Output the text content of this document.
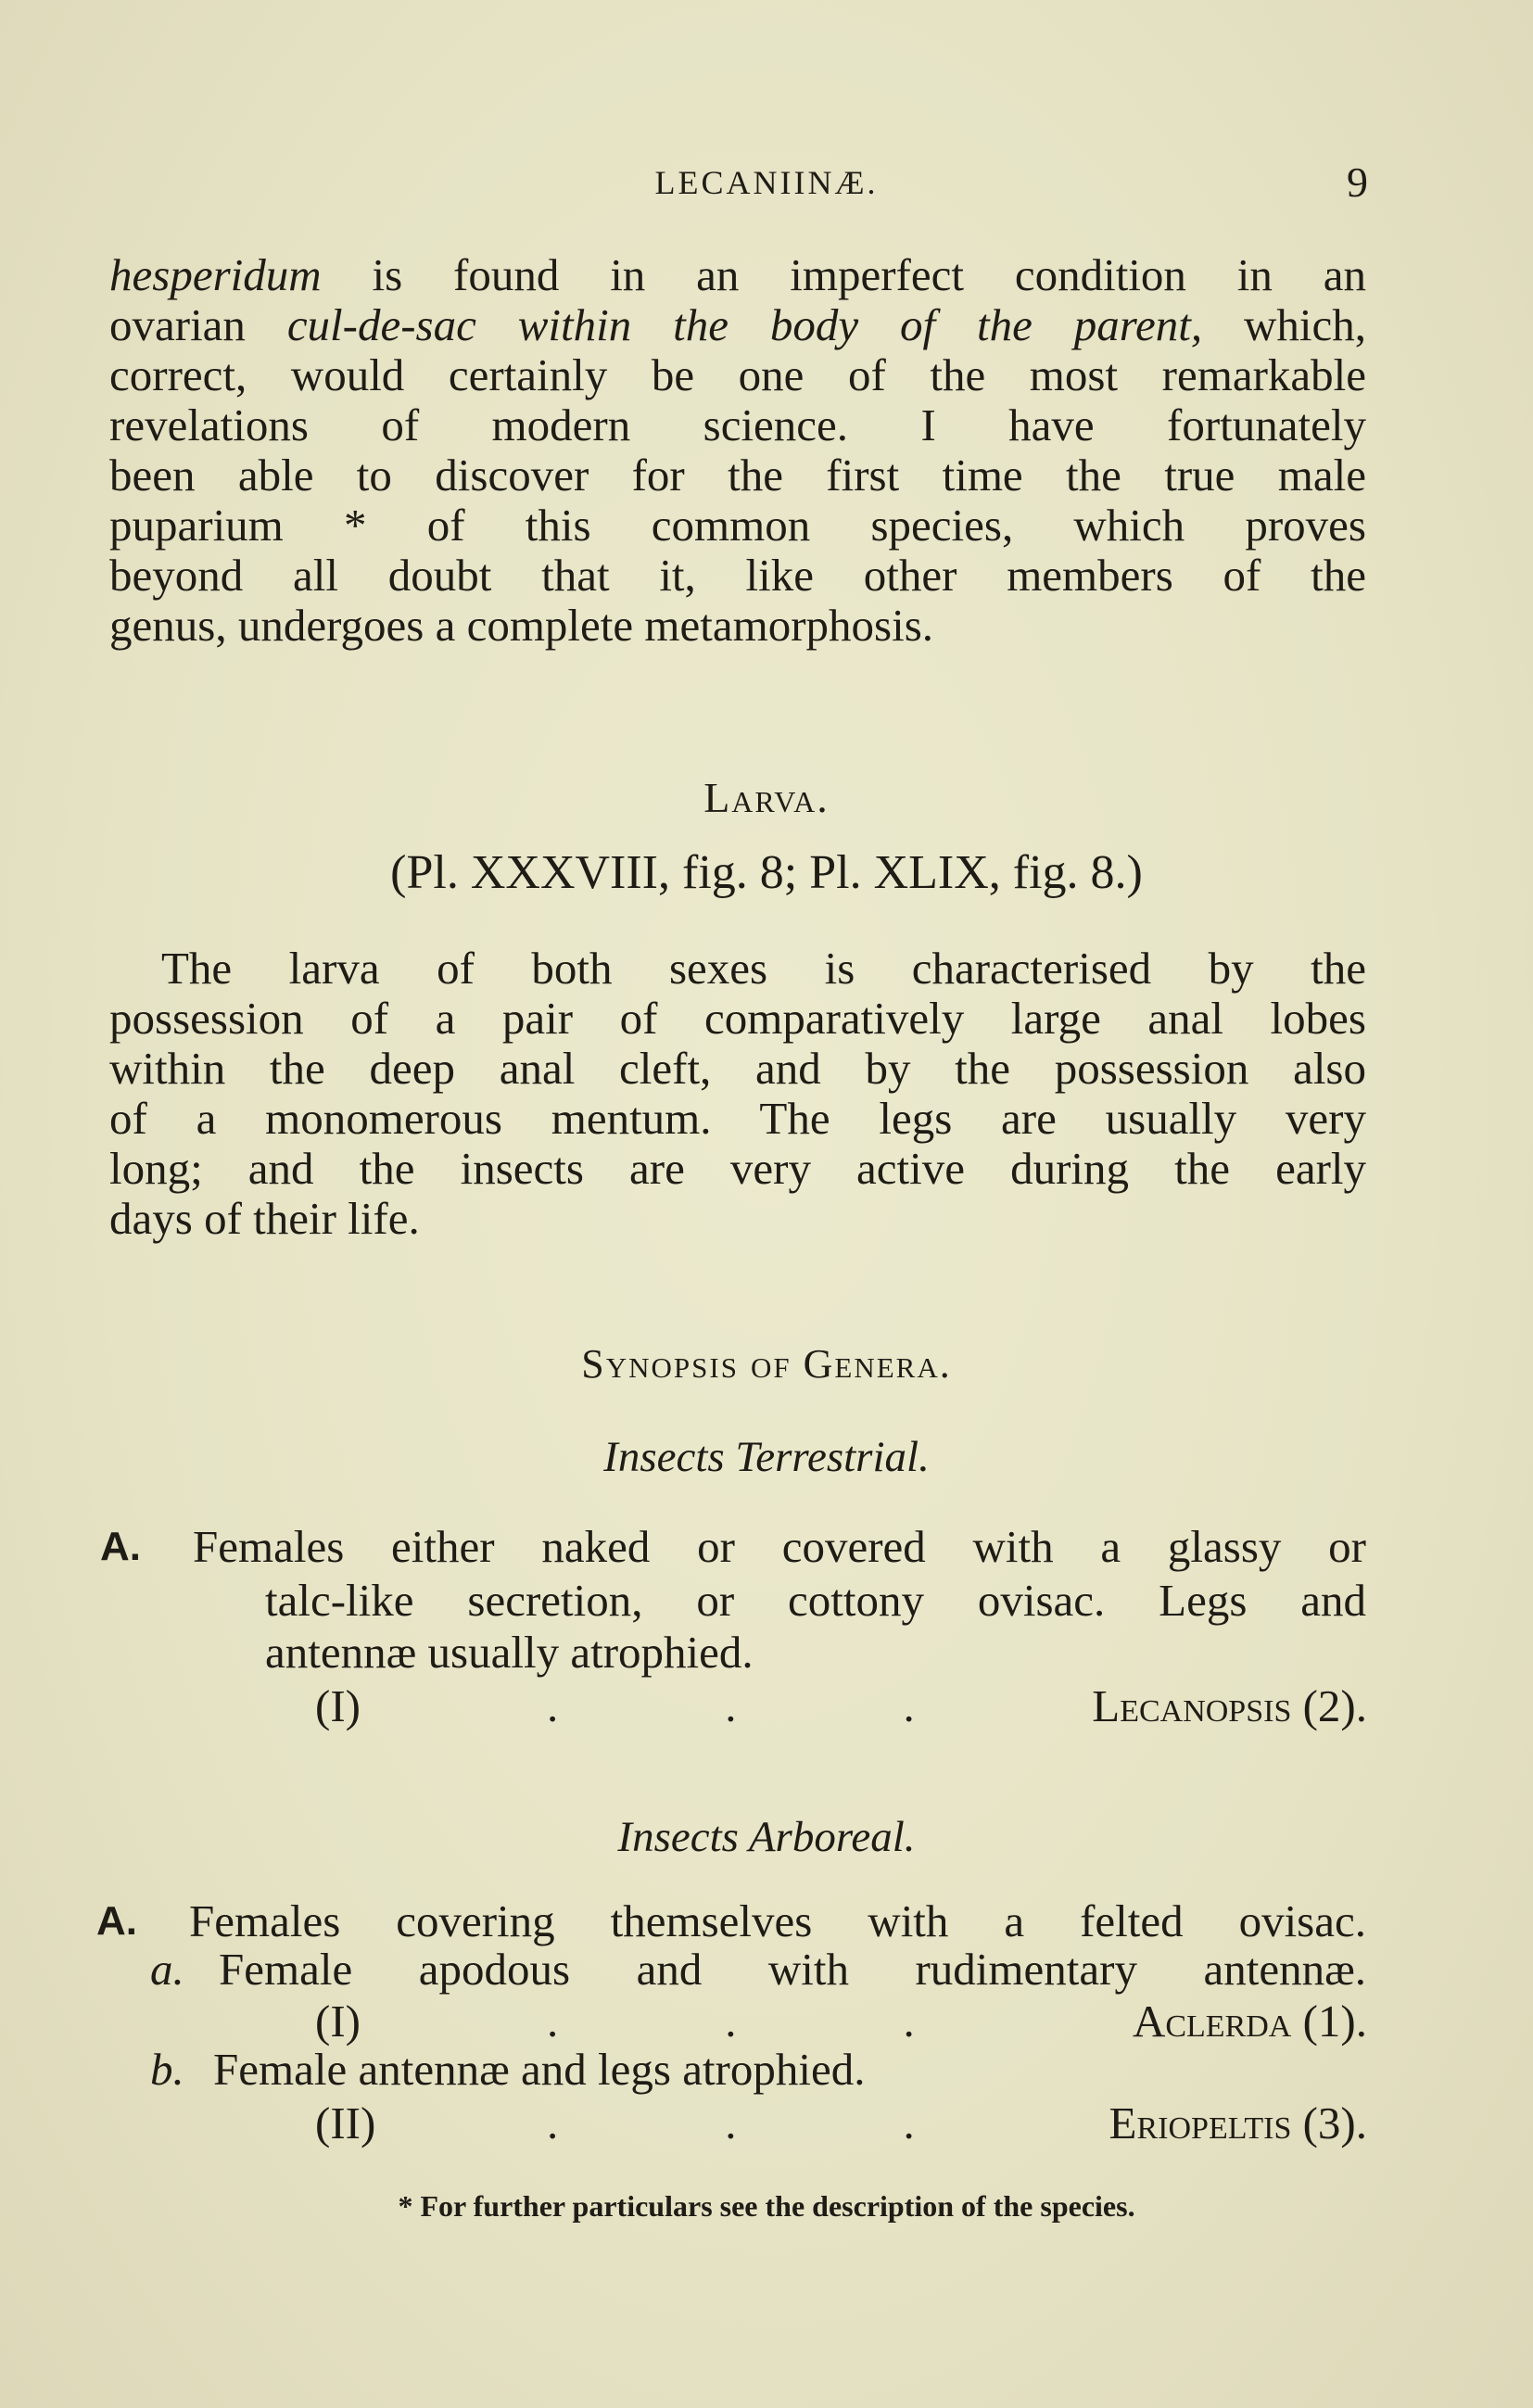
LECANIINÆ.	9

hesperidum is found in an imperfect condition in an

ovarian cul-de-sac within the body of the parent, which,

correct, would certainly be one of the most remarkable

revelations of modern science. I have fortunately

been able to discover for the first time the true male

puparium * of this common species, which proves

beyond all doubt that it, like other members of the

genus, undergoes a complete metamorphosis.

Larva.
(Pl. XXXVIII, fig. 8; Pl. XLIX, fig. 8.)

The larva of both sexes is characterised by the

possession of a pair of comparatively large anal lobes

within the deep anal cleft, and by the possession also

of a monomerous mentum. The legs are usually very

long; and the insects are very active during the early

days of their life.

Synopsis of Genera.
Insects Terrestrial.
A. Females either naked or covered with a glassy or
talc-like secretion, or cottony ovisac. Legs and
antennæ usually atrophied.
(I)	... Lecanopsis (2).
Insects Arboreal.
A. Females covering themselves with a felted ovisac.
a. Female apodous and with rudimentary antennæ.
(I)	... Aclerda (1).
b. Female antennæ and legs atrophied.
(II)	... Eriopeltis (3).
* For further particulars see the description of the species.
